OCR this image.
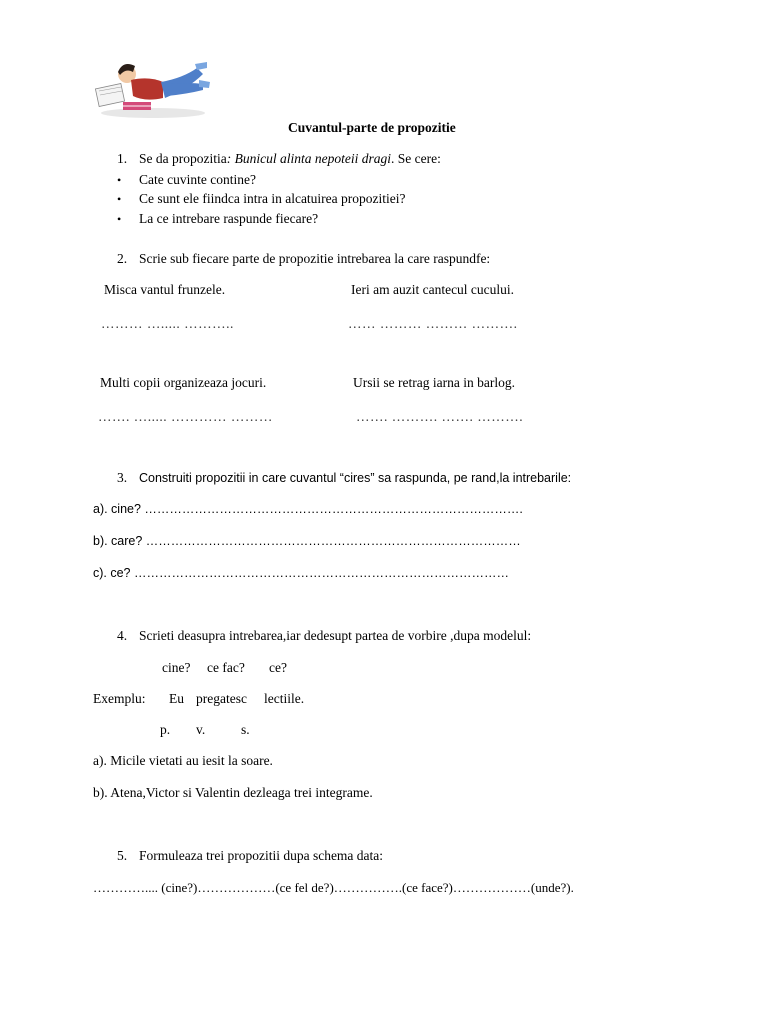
Cuvantul-parte de propozitie
1. Se da propozitia: Bunicul alinta nepoteii dragi. Se cere:
• Cate cuvinte contine?
• Ce sunt ele fiindca intra in alcatuirea propozitiei?
• La ce intrebare raspunde fiecare?
2. Scrie sub fiecare parte de propozitie intrebarea la care raspundfe:
Misca vantul frunzele.	Ieri am auzit cantecul cucului.
……… …..... ………..	…… ……… ……… ……….
Multi copii organizeaza jocuri.	Ursii se retrag iarna in barlog.
……. …..... ………… ………	……. ………. ……. ……….
3. Construiti propozitii in care cuvantul “cires” sa raspunda, pe rand,la intrebarile:
a). cine? ……………………………………………………………………………….
b). care? ………………………………………………………………………………
c). ce? ………………………………………………………………………………
4. Scrieti deasupra intrebarea,iar dedesupt partea de vorbire ,dupa modelul:
cine? ce fac? ce?
Exemplu: Eu pregatesc lectiile.
p. v.	s.
a). Micile vietati au iesit la soare.
b). Atena,Victor si Valentin dezleaga trei integrame.
5. Formuleaza trei propozitii dupa schema data:
………….... (cine?)………………(ce fel de?)…………….(ce face?)………………(unde?).
